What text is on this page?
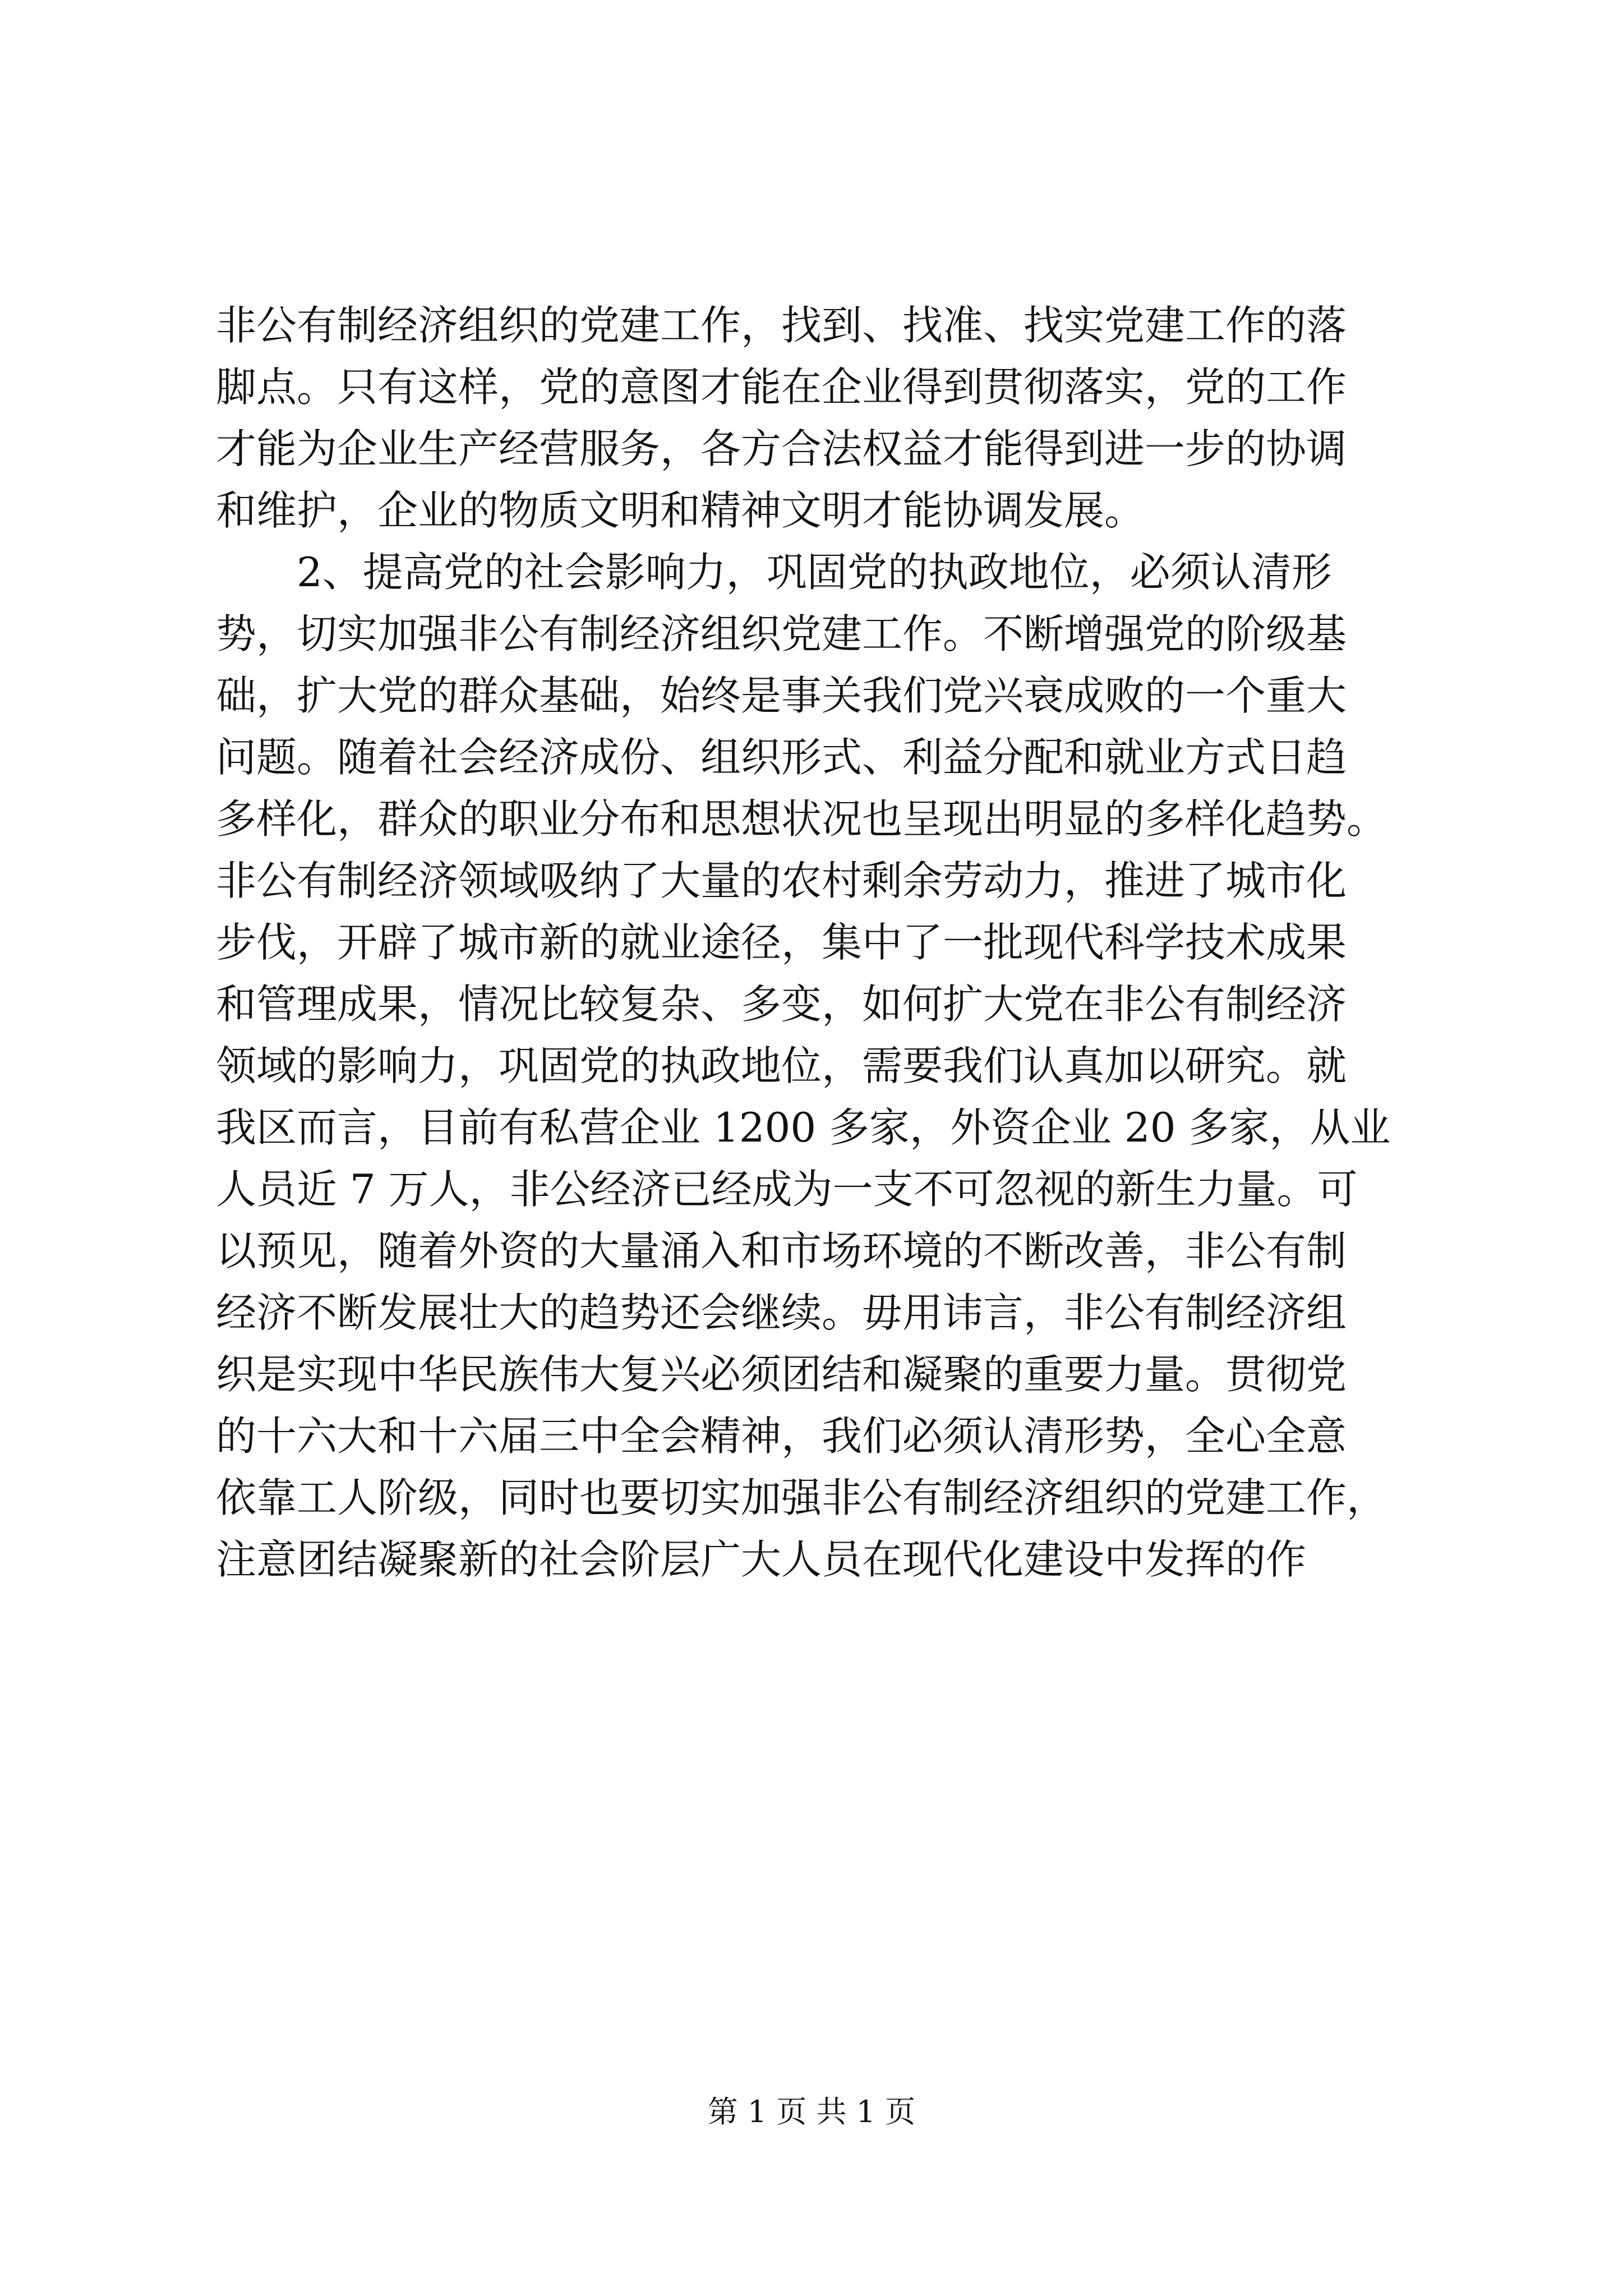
非公有制经济组织的党建工作，找到、找准、找实党建工作的落
脚点。只有这样，党的意图才能在企业得到贯彻落实，党的工作
才能为企业生产经营服务，各方合法权益才能得到进一步的协调
和维护，企业的物质文明和精神文明才能协调发展。
2、提高党的社会影响力，巩固党的执政地位，必须认清形
势，切实加强非公有制经济组织党建工作。不断增强党的阶级基
础，扩大党的群众基础，始终是事关我们党兴衰成败的一个重大
问题。随着社会经济成份、组织形式、利益分配和就业方式日趋
多样化，群众的职业分布和思想状况也呈现出明显的多样化趋势。
非公有制经济领域吸纳了大量的农村剩余劳动力，推进了城市化
步伐，开辟了城市新的就业途径，集中了一批现代科学技术成果
和管理成果，情况比较复杂、多变，如何扩大党在非公有制经济
领域的影响力，巩固党的执政地位，需要我们认真加以研究。就
我区而言，目前有私营企业 1200 多家，外资企业 20 多家，从业
人员近 7 万人，非公经济已经成为一支不可忽视的新生力量。可
以预见，随着外资的大量涌入和市场环境的不断改善，非公有制
经济不断发展壮大的趋势还会继续。毋用讳言，非公有制经济组
织是实现中华民族伟大复兴必须团结和凝聚的重要力量。贯彻党
的十六大和十六届三中全会精神，我们必须认清形势，全心全意
依靠工人阶级，同时也要切实加强非公有制经济组织的党建工作，
注意团结凝聚新的社会阶层广大人员在现代化建设中发挥的作
第 1 页 共 1 页
